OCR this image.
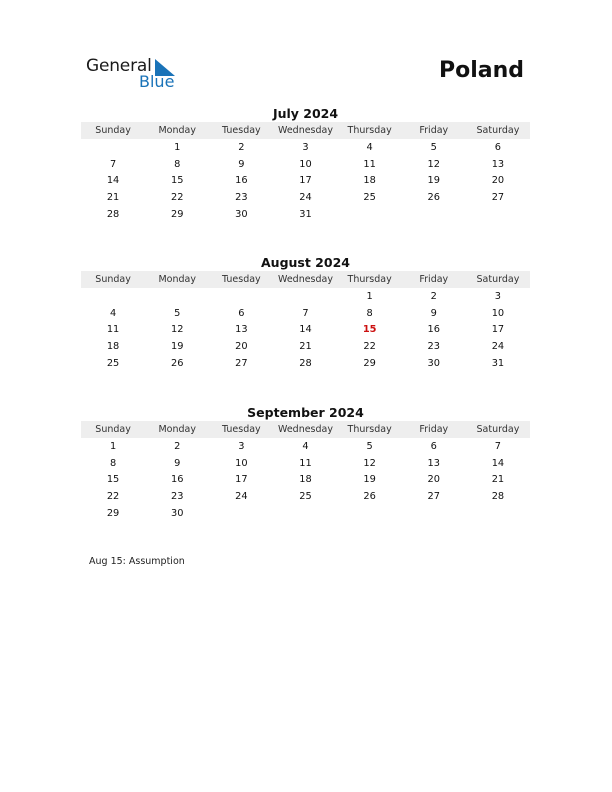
General
Blue	Poland
July 2024
Sunday	Monday	Tuesday	Wednesday	Thursday	Friday	Saturday
	1	2	3	4	5	6
7	8	9	10	11	12	13
14	15	16	17	18	19	20
21	22	23	24	25	26	27
28	29	30	31			
August 2024
Sunday	Monday	Tuesday	Wednesday	Thursday	Friday	Saturday
				1	2	3
4	5	6	7	8	9	10
11	12	13	14	15	16	17
18	19	20	21	22	23	24
25	26	27	28	29	30	31
September 2024
Sunday	Monday	Tuesday	Wednesday	Thursday	Friday	Saturday
1	2	3	4	5	6	7
8	9	10	11	12	13	14
15	16	17	18	19	20	21
22	23	24	25	26	27	28
29	30					
Aug 15: Assumption
